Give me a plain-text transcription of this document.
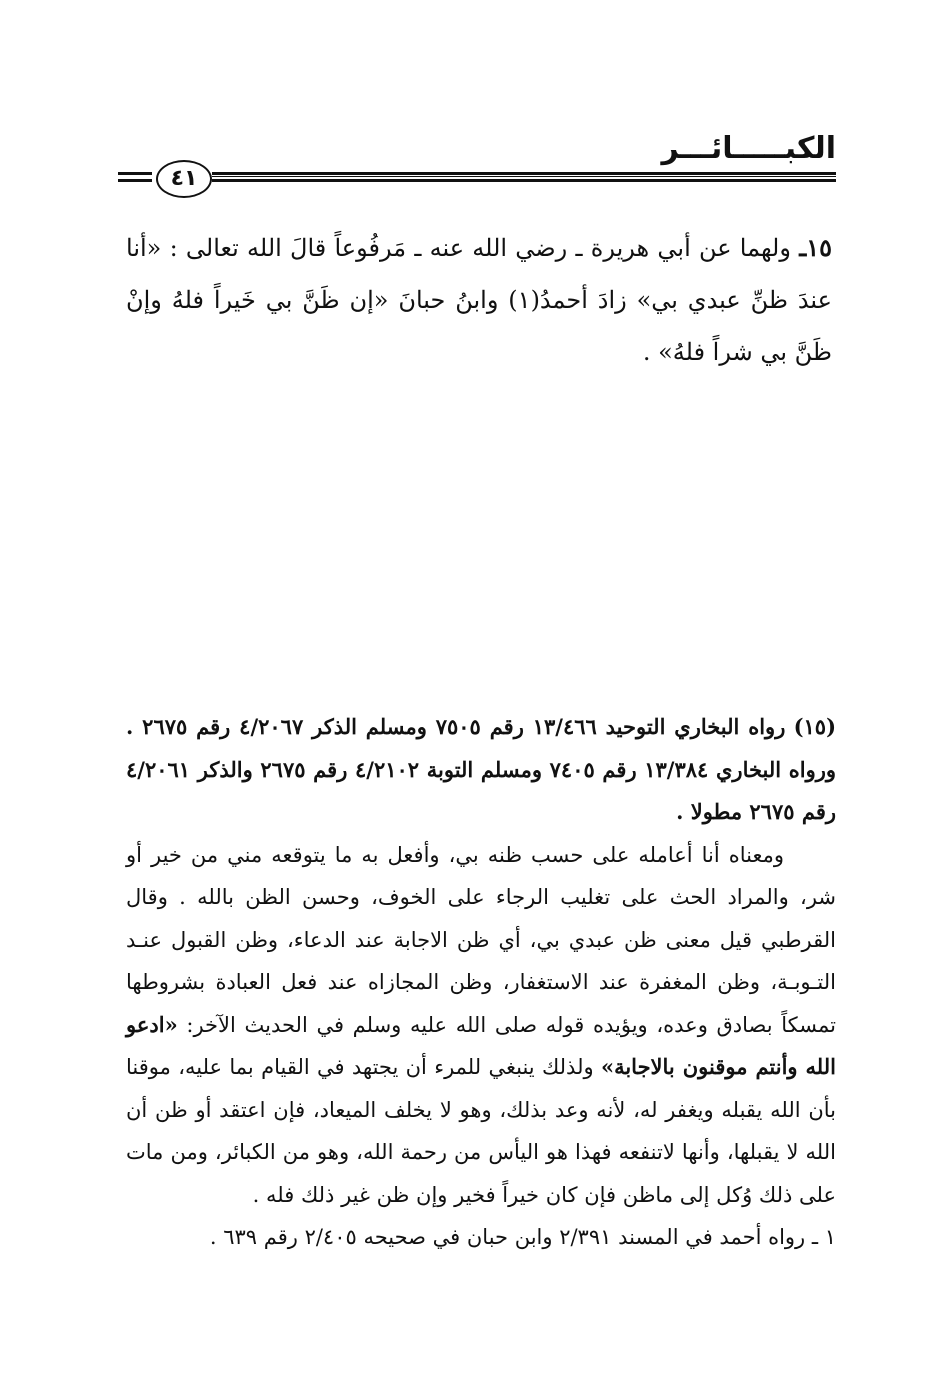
الكبـــــائـــر
٤١
١٥ـ ولهما عن أبي هريرة ـ رضي الله عنه ـ مَرفُوعاً قالَ الله تعالى : «أنا عندَ ظنِّ عبدي بي» زادَ أحمدُ(١) وابنُ حبانَ «إن ظَنَّ بي خَيراً فلهُ وإنْ ظَنَّ بي شراً فلهُ» .

(١٥) رواه البخاري التوحيد ١٣/٤٦٦ رقم ٧٥٠٥ ومسلم الذكر ٤/٢٠٦٧ رقم ٢٦٧٥ . ورواه البخاري ١٣/٣٨٤ رقم ٧٤٠٥ ومسلم التوبة ٤/٢١٠٢ رقم ٢٦٧٥ والذكر ٤/٢٠٦١ رقم ٢٦٧٥ مطولا .

ومعناه أنا أعامله على حسب ظنه بي، وأفعل به ما يتوقعه مني من خير أو شر، والمراد الحث على تغليب الرجاء على الخوف، وحسن الظن بالله . وقال القرطبي قيل معنى ظن عبدي بي، أي ظن الاجابة عند الدعاء، وظن القبول عنـد التـوبـة، وظن المغفرة عند الاستغفار، وظن المجازاه عند فعل العبادة بشروطها تمسكاً بصادق وعده، ويؤيده قوله صلى الله عليه وسلم في الحديث الآخر: «ادعو الله وأنتم موقنون بالاجابة» ولذلك ينبغي للمرء أن يجتهد في القيام بما عليه، موقنا بأن الله يقبله ويغفر له، لأنه وعد بذلك، وهو لا يخلف الميعاد، فإن اعتقد أو ظن أن الله لا يقبلها، وأنها لاتنفعه فهذا هو اليأس من رحمة الله، وهو من الكبائر، ومن مات على ذلك وُكل إلى ماظن فإن كان خيراً فخير وإن ظن غير ذلك فله .

١ ـ رواه أحمد في المسند ٢/٣٩١ وابن حبان في صحيحه ٢/٤٠٥ رقم ٦٣٩ .
